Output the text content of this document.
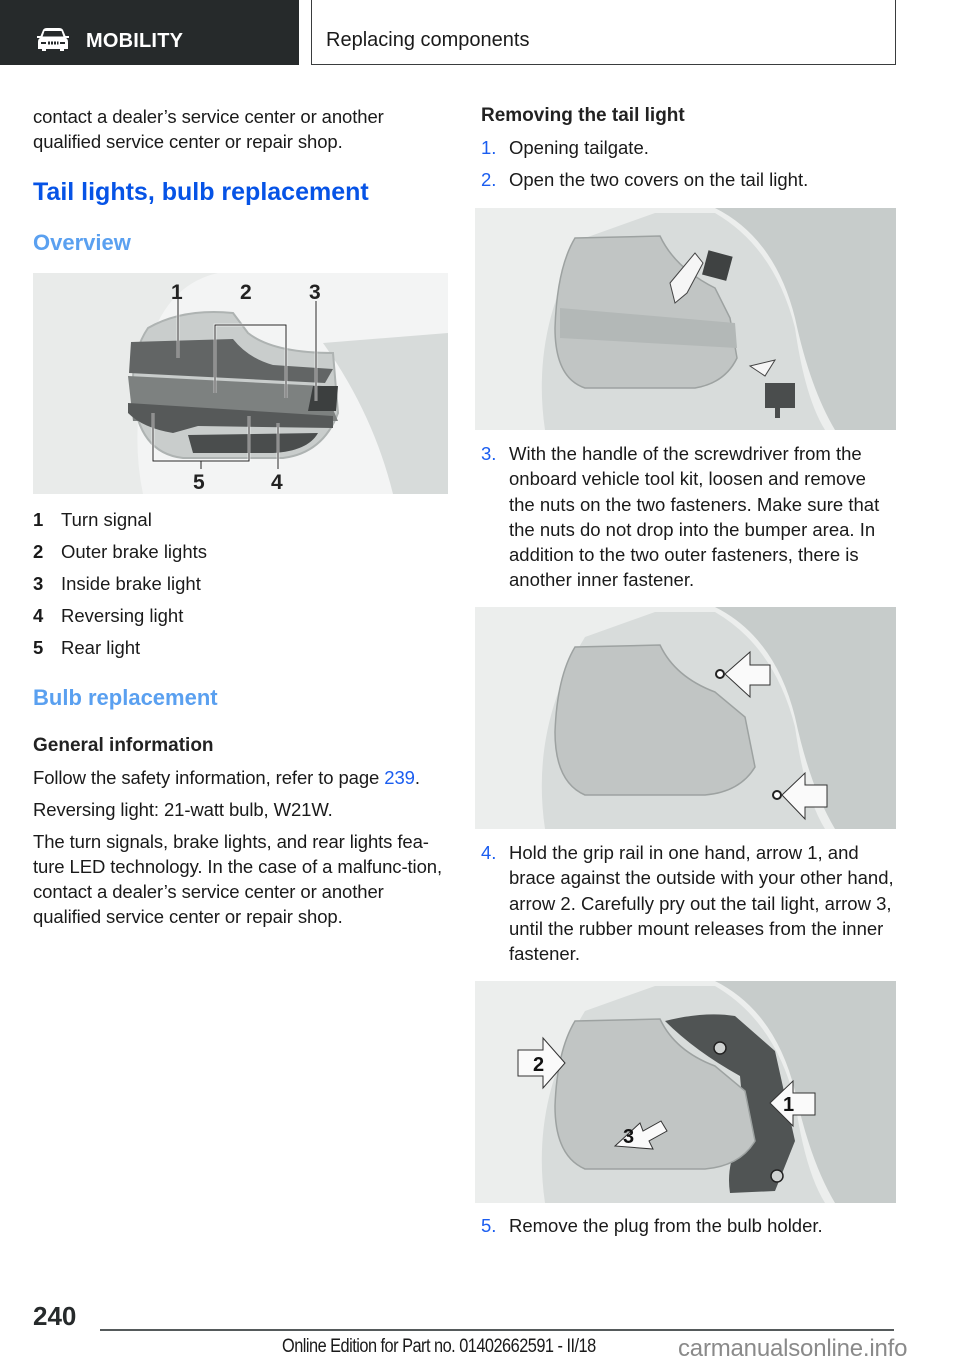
MOBILITY	Replacing components

contact a dealer’s service center or another qualified service center or repair shop.

Tail lights, bulb replacement
Overview
1	2	3
4
5
1 Turn signal
2 Outer brake lights
3 Inside brake light
4 Reversing light
5 Rear light
Bulb replacement
General information

Follow the safety information, refer to page 239.

Reversing light: 21-watt bulb, W21W.

The turn signals, brake lights, and rear lights fea-ture LED technology. In the case of a malfunc-tion, contact a dealer’s service center or another qualified service center or repair shop.

Removing the tail light
1. Opening tailgate.
2. Open the two covers on the tail light.
3. With the handle of the screwdriver from the onboard vehicle tool kit, loosen and remove the nuts on the two fasteners. Make sure that the nuts do not drop into the bumper area. In addition to the two outer fasteners, there is another inner fastener.
4. Hold the grip rail in one hand, arrow 1, and brace against the outside with your other hand, arrow 2. Carefully pry out the tail light, arrow 3, until the rubber mount releases from the inner fastener.
2
1
3
5. Remove the plug from the bulb holder.
240
Online Edition for Part no. 01402662591 - II/18	carmanualsonline.info
